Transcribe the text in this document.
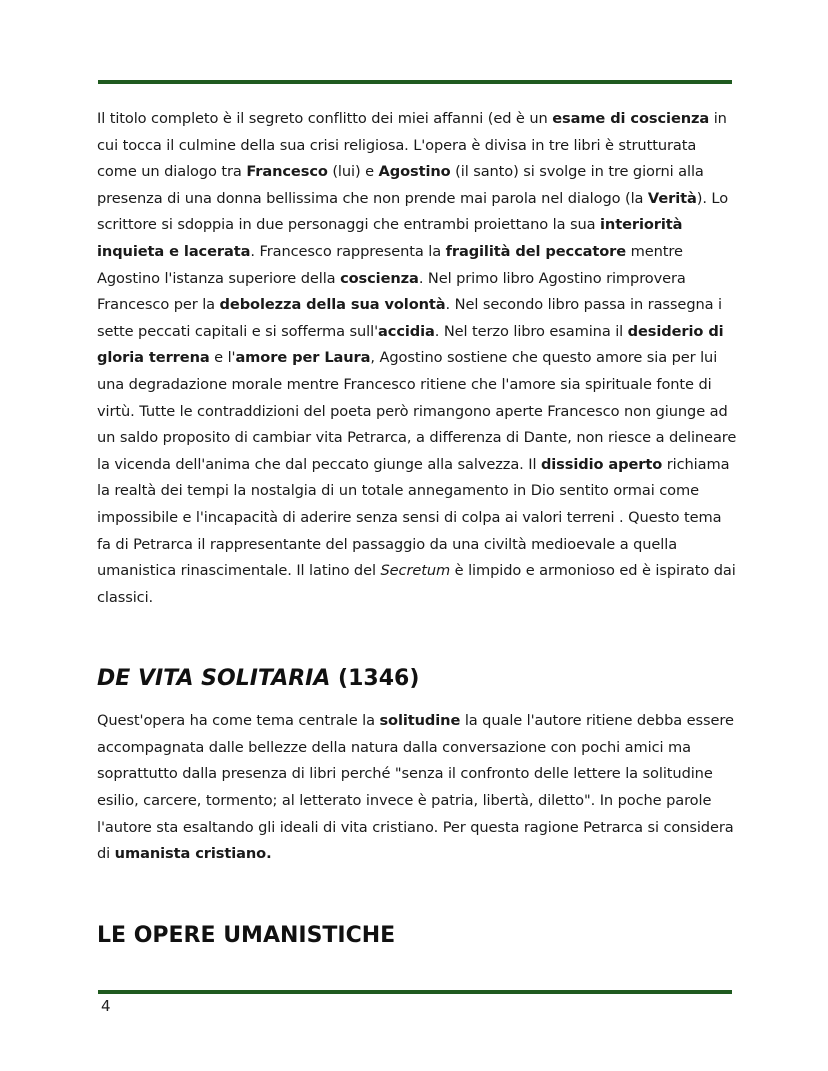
Il titolo completo è il segreto conflitto dei miei affanni (ed è un esame di coscienza in cui tocca il culmine della sua crisi religiosa. L'opera è divisa in tre libri è strutturata come un dialogo tra Francesco (lui) e Agostino (il santo) si svolge in tre giorni alla presenza di una donna bellissima che non prende mai parola nel dialogo (la Verità). Lo scrittore si sdoppia in due personaggi che entrambi proiettano la sua interiorità inquieta e lacerata. Francesco rappresenta la fragilità del peccatore mentre Agostino l'istanza superiore della coscienza. Nel primo libro Agostino rimprovera Francesco per la debolezza della sua volontà. Nel secondo libro passa in rassegna i sette peccati capitali e si sofferma sull'accidia. Nel terzo libro esamina il desiderio di gloria terrena e l'amore per Laura, Agostino sostiene che questo amore sia per lui una degradazione morale mentre Francesco ritiene che l'amore sia spirituale fonte di virtù. Tutte le contraddizioni del poeta però rimangono aperte Francesco non giunge ad un saldo proposito di cambiar vita Petrarca, a differenza di Dante, non riesce a delineare la vicenda dell'anima che dal peccato giunge alla salvezza. Il dissidio aperto richiama la realtà dei tempi la nostalgia di un totale annegamento in Dio sentito ormai come impossibile e l'incapacità di aderire senza sensi di colpa ai valori terreni . Questo tema fa di Petrarca il rappresentante del passaggio da una civiltà medioevale a quella umanistica rinascimentale. Il latino del Secretum è limpido e armonioso ed è ispirato dai classici.

DE VITA SOLITARIA (1346)

Quest'opera ha come tema centrale la solitudine la quale l'autore ritiene debba essere accompagnata dalle bellezze della natura dalla conversazione con pochi amici ma soprattutto dalla presenza di libri perché "senza il confronto delle lettere la solitudine esilio, carcere, tormento; al letterato invece è patria, libertà, diletto". In poche parole l'autore sta esaltando gli ideali di vita cristiano. Per questa ragione Petrarca si considera di umanista cristiano.

LE OPERE UMANISTICHE
4
